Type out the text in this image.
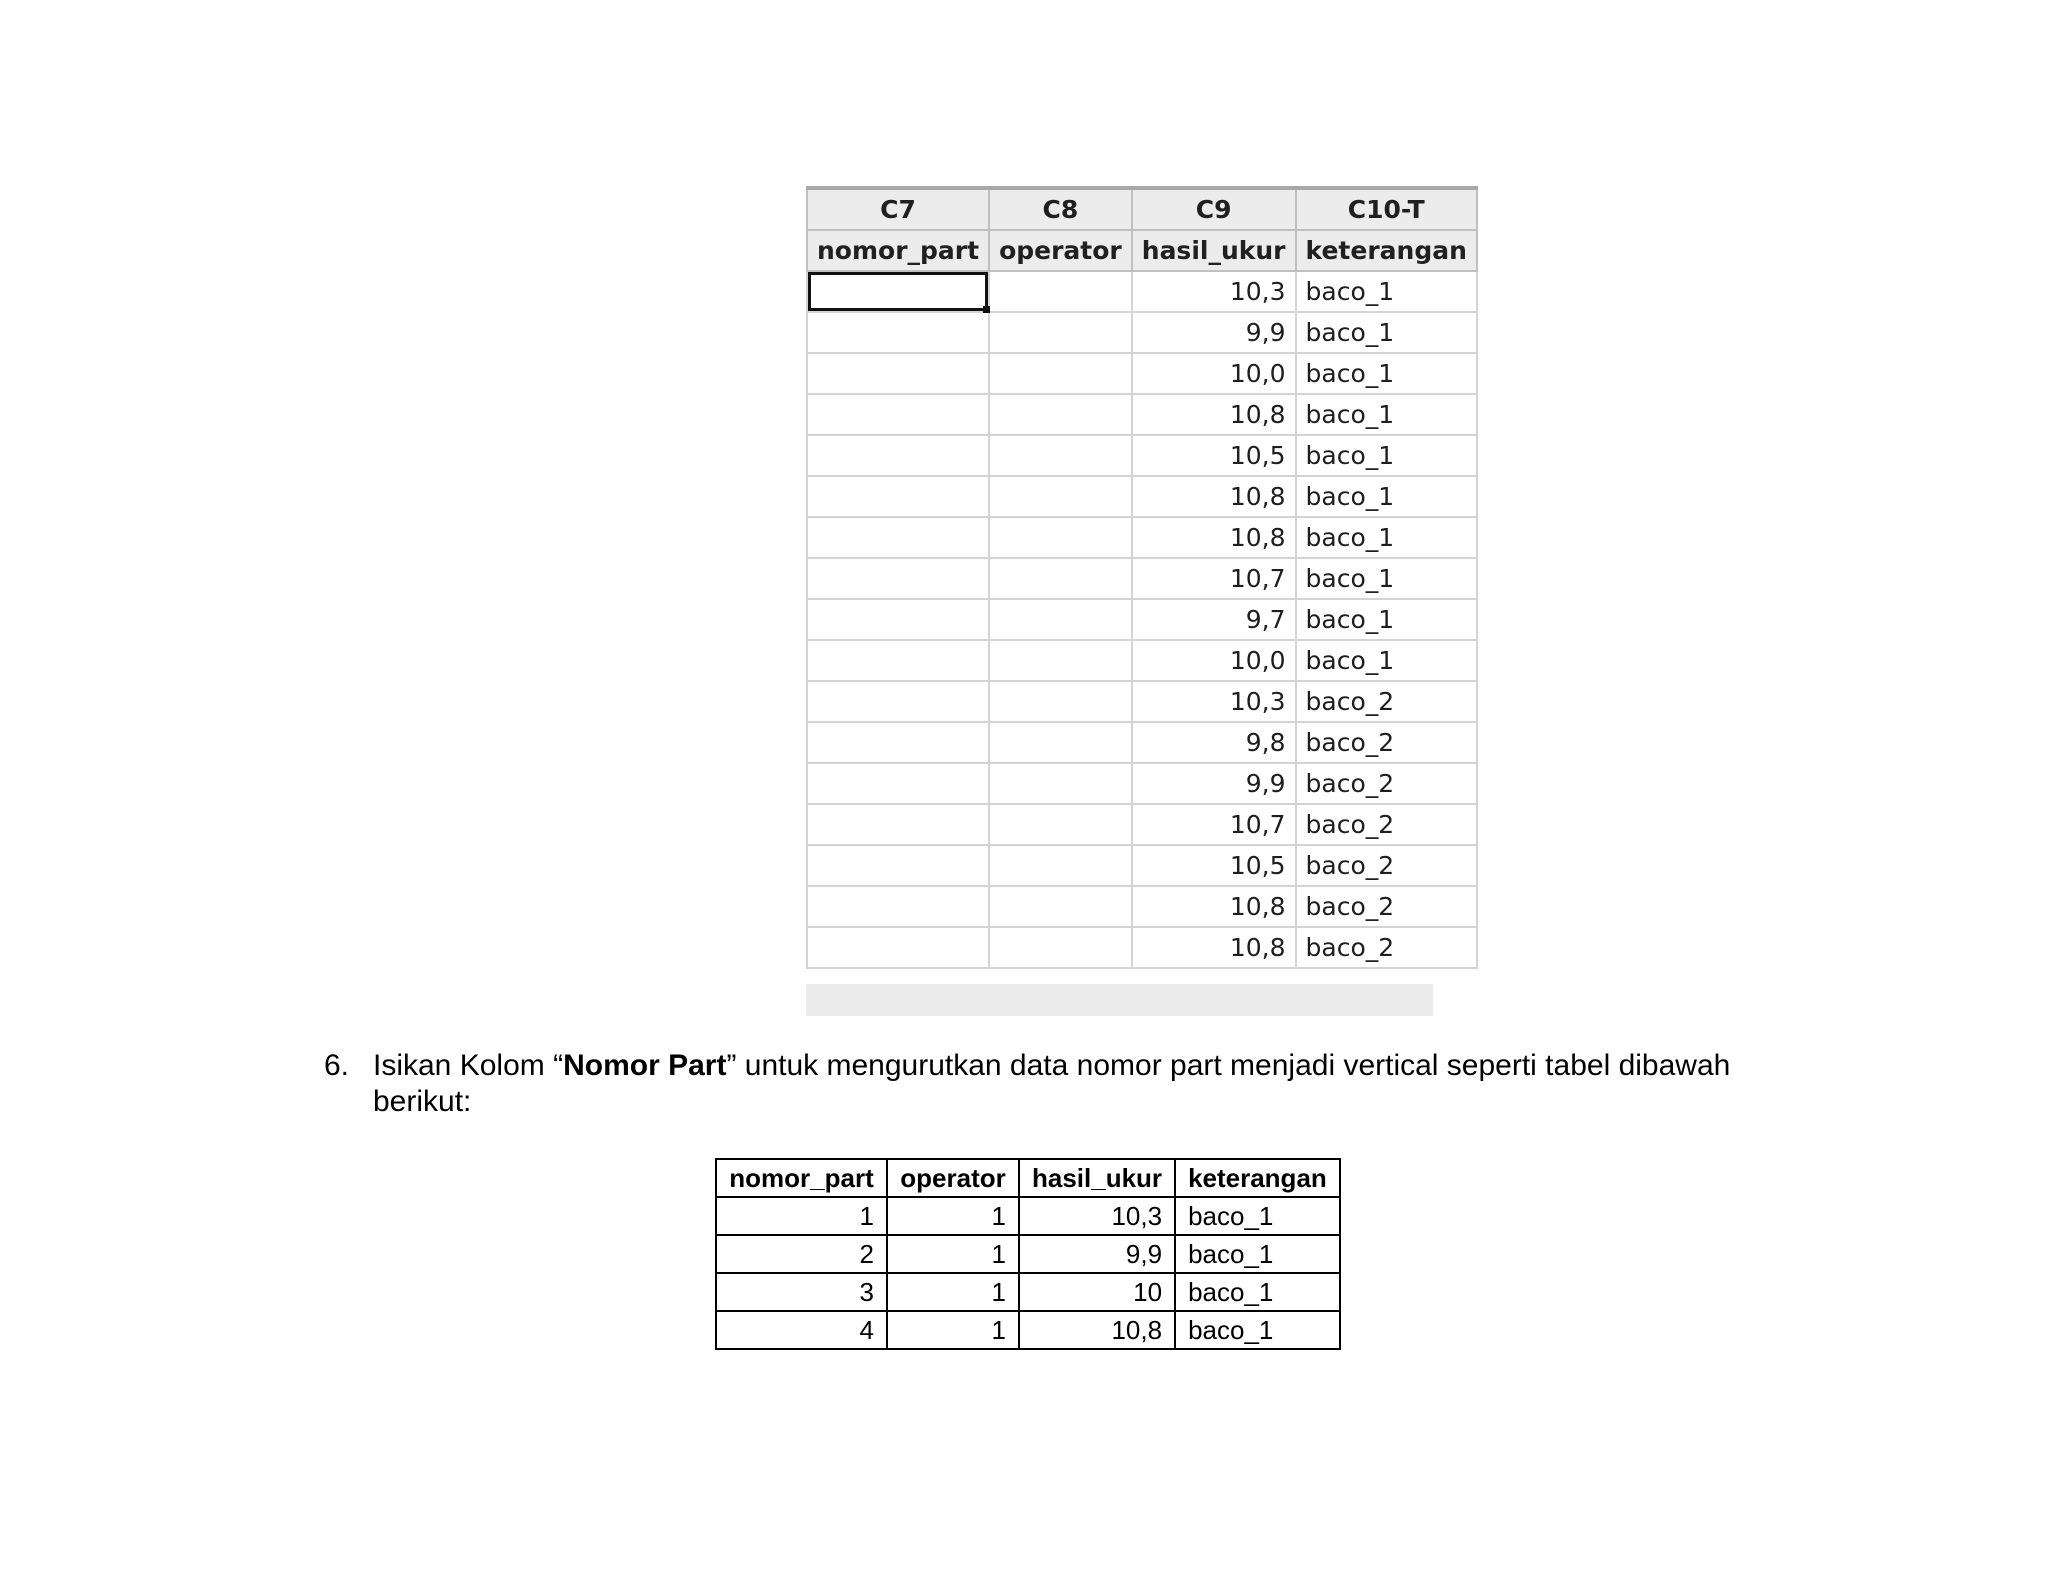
C7	C8	C9	C10-T
nomor_part	operator	hasil_ukur	keterangan
		10,3	baco_1
		9,9	baco_1
		10,0	baco_1
		10,8	baco_1
		10,5	baco_1
		10,8	baco_1
		10,8	baco_1
		10,7	baco_1
		9,7	baco_1
		10,0	baco_1
		10,3	baco_2
		9,8	baco_2
		9,9	baco_2
		10,7	baco_2
		10,5	baco_2
		10,8	baco_2
		10,8	baco_2
6. Isikan Kolom “Nomor Part” untuk mengurutkan data nomor part menjadi vertical seperti tabel dibawah berikut:
nomor_part	operator	hasil_ukur	keterangan
1	1	10,3	baco_1
2	1	9,9	baco_1
3	1	10	baco_1
4	1	10,8	baco_1
